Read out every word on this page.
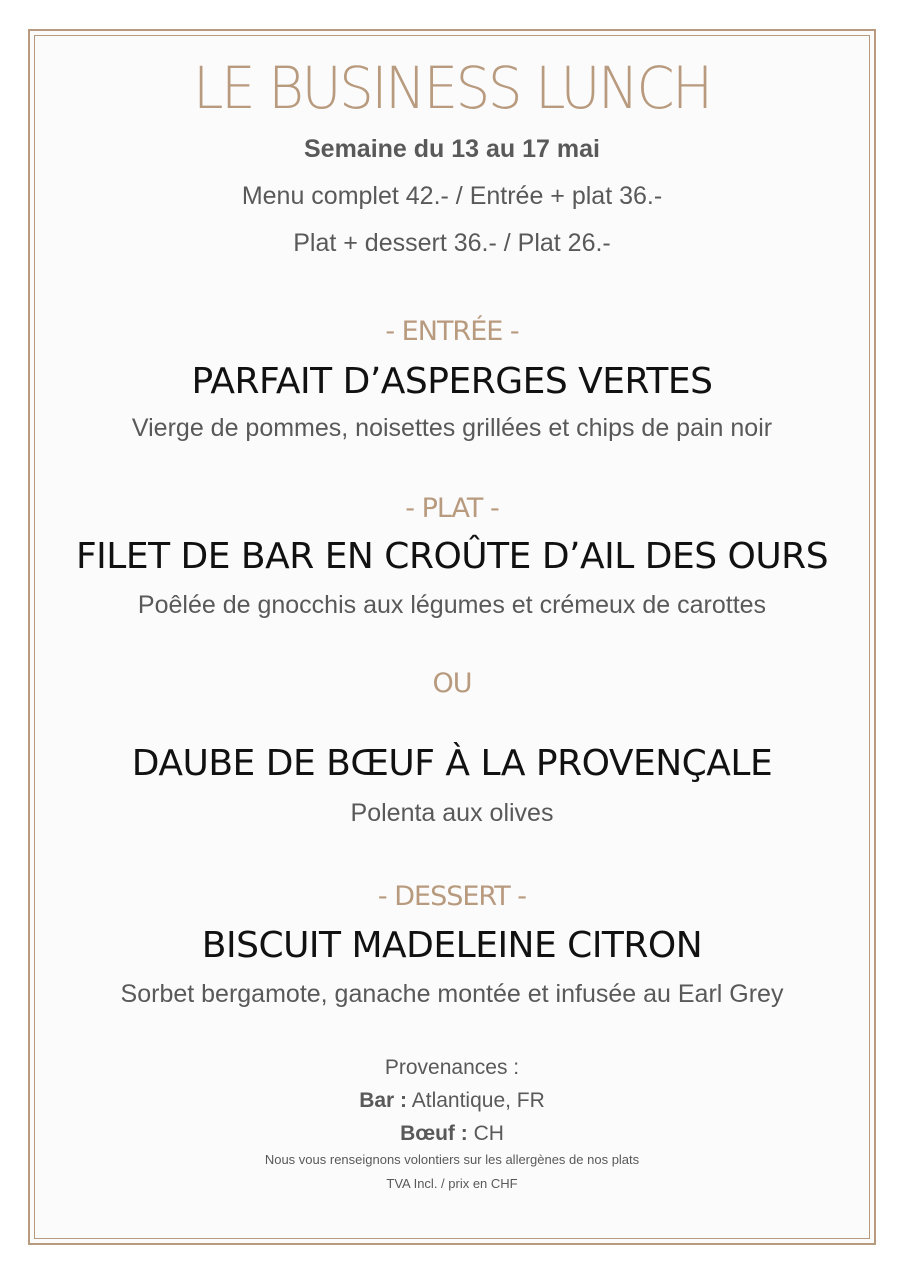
LE BUSINESS LUNCH
Semaine du 13 au 17 mai
Menu complet 42.- / Entrée + plat 36.-
Plat + dessert 36.- / Plat 26.-
- ENTRÉE -
PARFAIT D’ASPERGES VERTES
Vierge de pommes, noisettes grillées et chips de pain noir
- PLAT -
FILET DE BAR EN CROÛTE D’AIL DES OURS
Poêlée de gnocchis aux légumes et crémeux de carottes
OU
DAUBE DE BŒUF À LA PROVENÇALE
Polenta aux olives
- DESSERT -
BISCUIT MADELEINE CITRON
Sorbet bergamote, ganache montée et infusée au Earl Grey
Provenances :
Bar : Atlantique, FR
Bœuf : CH
Nous vous renseignons volontiers sur les allergènes de nos plats
TVA Incl. / prix en CHF
